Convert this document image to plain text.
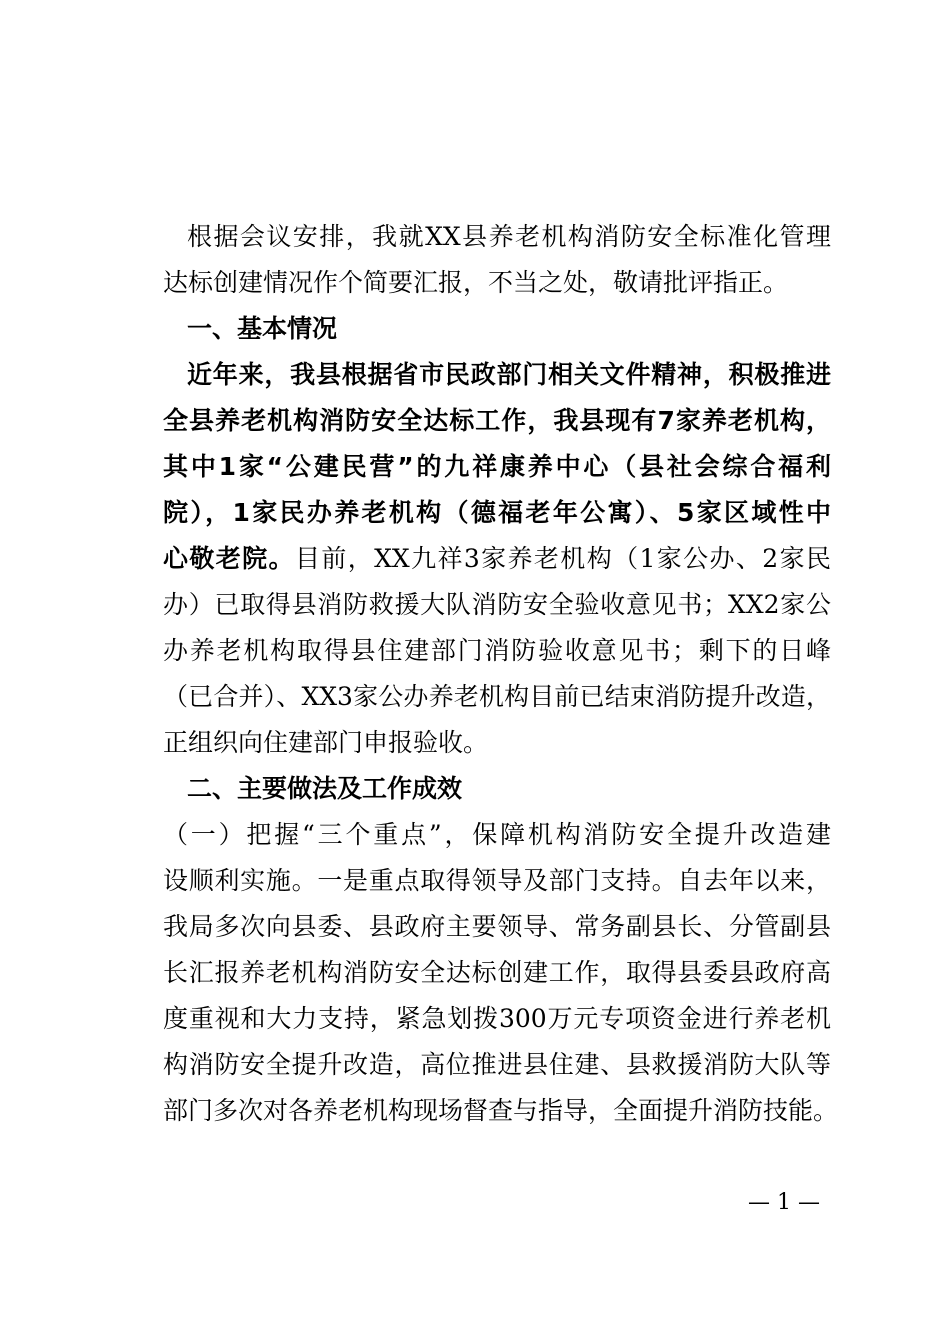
根据会议安排，我就XX县养老机构消防安全标准化管理
达标创建情况作个简要汇报，不当之处，敬请批评指正。
一、基本情况
近年来，我县根据省市民政部门相关文件精神，积极推进
全县养老机构消防安全达标工作，我县现有7家养老机构，
其中1家“公建民营”的九祥康养中心（县社会综合福利
院），1家民办养老机构（德福老年公寓）、5家区域性中
心敬老院。目前，XX九祥3家养老机构（1家公办、2家民
办）已取得县消防救援大队消防安全验收意见书；XX2家公
办养老机构取得县住建部门消防验收意见书；剩下的日峰
（已合并）、XX3家公办养老机构目前已结束消防提升改造，
正组织向住建部门申报验收。
二、主要做法及工作成效
（一）把握“三个重点”，保障机构消防安全提升改造建
设顺利实施。一是重点取得领导及部门支持。自去年以来，
我局多次向县委、县政府主要领导、常务副县长、分管副县
长汇报养老机构消防安全达标创建工作，取得县委县政府高
度重视和大力支持，紧急划拨300万元专项资金进行养老机
构消防安全提升改造，高位推进县住建、县救援消防大队等
部门多次对各养老机构现场督查与指导，全面提升消防技能。
— 1 —
